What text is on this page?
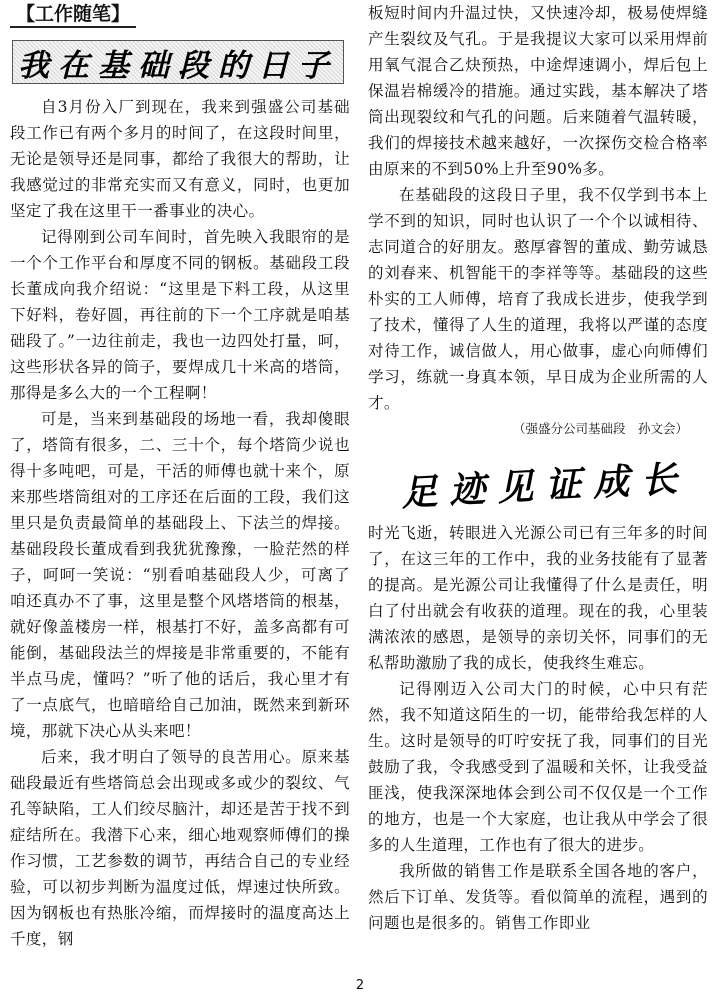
【工作随笔】
我在基础段的日子

自3月份入厂到现在，我来到强盛公司基础段工作已有两个多月的时间了，在这段时间里，无论是领导还是同事，都给了我很大的帮助，让我感觉过的非常充实而又有意义，同时，也更加坚定了我在这里干一番事业的决心。

记得刚到公司车间时，首先映入我眼帘的是一个个工作平台和厚度不同的钢板。基础段工段长董成向我介绍说：“这里是下料工段，从这里下好料，卷好圆，再往前的下一个工序就是咱基础段了。”一边往前走，我也一边四处打量，呵，这些形状各异的筒子，要焊成几十米高的塔筒，那得是多么大的一个工程啊！

可是，当来到基础段的场地一看，我却傻眼了，塔筒有很多，二、三十个，每个塔筒少说也得十多吨吧，可是，干活的师傅也就十来个，原来那些塔筒组对的工序还在后面的工段，我们这里只是负责最简单的基础段上、下法兰的焊接。基础段段长董成看到我犹犹豫豫，一脸茫然的样子，呵呵一笑说：“别看咱基础段人少，可离了咱还真办不了事，这里是整个风塔塔筒的根基，就好像盖楼房一样，根基打不好，盖多高都有可能倒，基础段法兰的焊接是非常重要的，不能有半点马虎，懂吗？”听了他的话后，我心里才有了一点底气，也暗暗给自己加油，既然来到新环境，那就下决心从头来吧！

后来，我才明白了领导的良苦用心。原来基础段最近有些塔筒总会出现或多或少的裂纹、气孔等缺陷，工人们绞尽脑汁，却还是苦于找不到症结所在。我潜下心来，细心地观察师傅们的操作习惯，工艺参数的调节，再结合自己的专业经验，可以初步判断为温度过低，焊速过快所致。因为钢板也有热胀冷缩，而焊接时的温度高达上千度，钢

板短时间内升温过快，又快速冷却，极易使焊缝产生裂纹及气孔。于是我提议大家可以采用焊前用氧气混合乙炔预热，中途焊速调小，焊后包上保温岩棉缓冷的措施。通过实践，基本解决了塔筒出现裂纹和气孔的问题。后来随着气温转暖，我们的焊接技术越来越好，一次探伤交检合格率由原来的不到50%上升至90%多。

在基础段的这段日子里，我不仅学到书本上学不到的知识，同时也认识了一个个以诚相待、志同道合的好朋友。憨厚睿智的董成、勤劳诚恳的刘春来、机智能干的李祥等等。基础段的这些朴实的工人师傅，培育了我成长进步，使我学到了技术，懂得了人生的道理，我将以严谨的态度对待工作，诚信做人，用心做事，虚心向师傅们学习，练就一身真本领，早日成为企业所需的人才。

（强盛分公司基础段　孙文会）
足迹见证成长

时光飞逝，转眼进入光源公司已有三年多的时间了，在这三年的工作中，我的业务技能有了显著的提高。是光源公司让我懂得了什么是责任，明白了付出就会有收获的道理。现在的我，心里装满浓浓的感恩，是领导的亲切关怀，同事们的无私帮助激励了我的成长，使我终生难忘。

记得刚迈入公司大门的时候，心中只有茫然，我不知道这陌生的一切，能带给我怎样的人生。这时是领导的叮咛安抚了我，同事们的目光鼓励了我，令我感受到了温暖和关怀，让我受益匪浅，使我深深地体会到公司不仅仅是一个工作的地方，也是一个大家庭，也让我从中学会了很多的人生道理，工作也有了很大的进步。

我所做的销售工作是联系全国各地的客户，然后下订单、发货等。看似简单的流程，遇到的问题也是很多的。销售工作即业

2
